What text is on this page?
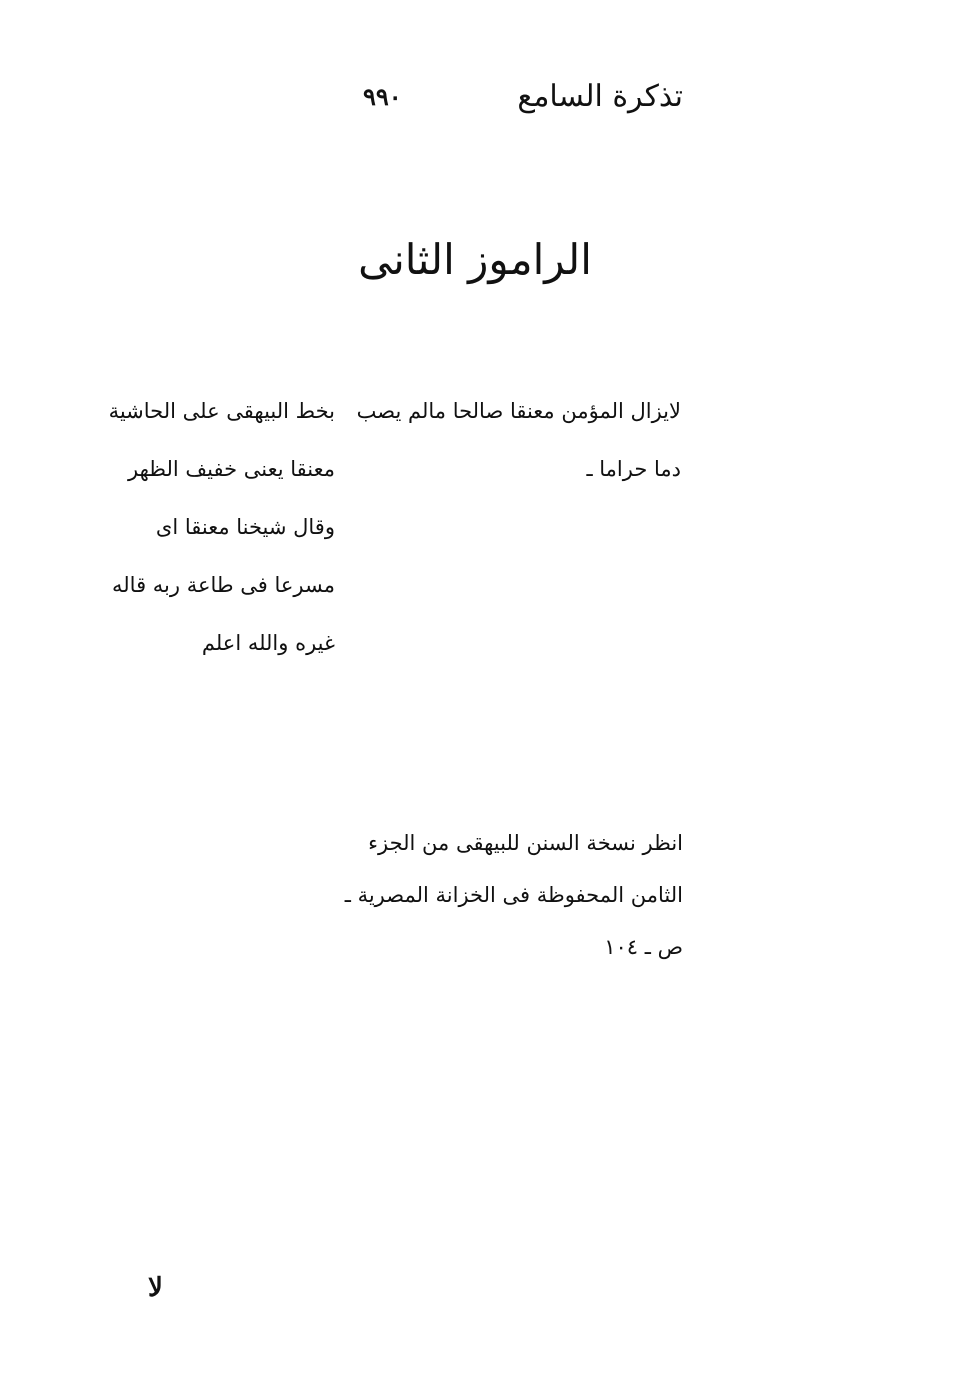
تذكرة السامع
۹۹۰
الراموز الثانی
لايزال المؤمن معنقا صالحا مالم يصب
دما حراما ـ
بخط البيهقى على الحاشية
معنقا يعنى خفيف الظهر
وقال شيخنا معنقا اى
مسرعا فى طاعة ربه قاله
غيره والله اعلم
انظر نسخة السنن للبيهقى من الجزء
الثامن المحفوظة فى الخزانة المصرية ـ
ص ـ ١٠٤
لا
